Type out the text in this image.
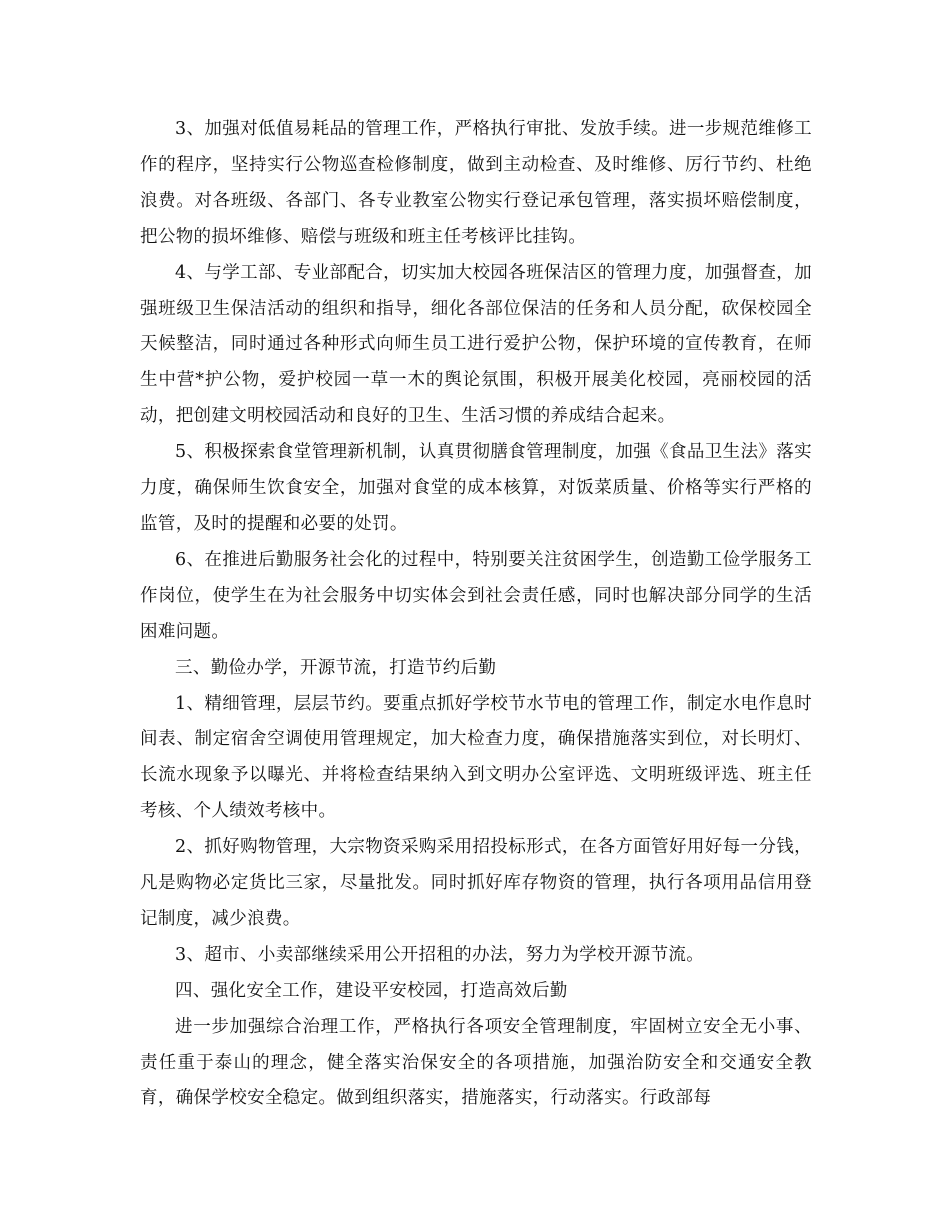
3、加强对低值易耗品的管理工作，严格执行审批、发放手续。进一步规范维修工作的程序，坚持实行公物巡查检修制度，做到主动检查、及时维修、厉行节约、杜绝浪费。对各班级、各部门、各专业教室公物实行登记承包管理，落实损坏赔偿制度，把公物的损坏维修、赔偿与班级和班主任考核评比挂钩。

4、与学工部、专业部配合，切实加大校园各班保洁区的管理力度，加强督查，加强班级卫生保洁活动的组织和指导，细化各部位保洁的任务和人员分配，砍保校园全天候整洁，同时通过各种形式向师生员工进行爱护公物，保护环境的宣传教育，在师生中营*护公物，爱护校园一草一木的舆论氛围，积极开展美化校园，亮丽校园的活动，把创建文明校园活动和良好的卫生、生活习惯的养成结合起来。

5、积极探索食堂管理新机制，认真贯彻膳食管理制度，加强《食品卫生法》落实力度，确保师生饮食安全，加强对食堂的成本核算，对饭菜质量、价格等实行严格的监管，及时的提醒和必要的处罚。

6、在推进后勤服务社会化的过程中，特别要关注贫困学生，创造勤工俭学服务工作岗位，使学生在为社会服务中切实体会到社会责任感，同时也解决部分同学的生活困难问题。

三、勤俭办学，开源节流，打造节约后勤

1、精细管理，层层节约。要重点抓好学校节水节电的管理工作，制定水电作息时间表、制定宿舍空调使用管理规定，加大检查力度，确保措施落实到位，对长明灯、长流水现象予以曝光、并将检查结果纳入到文明办公室评选、文明班级评选、班主任考核、个人绩效考核中。

2、抓好购物管理，大宗物资采购采用招投标形式，在各方面管好用好每一分钱，凡是购物必定货比三家，尽量批发。同时抓好库存物资的管理，执行各项用品信用登记制度，减少浪费。

3、超市、小卖部继续采用公开招租的办法，努力为学校开源节流。

四、强化安全工作，建设平安校园，打造高效后勤

进一步加强综合治理工作，严格执行各项安全管理制度，牢固树立安全无小事、责任重于泰山的理念，健全落实治保安全的各项措施，加强治防安全和交通安全教育，确保学校安全稳定。做到组织落实，措施落实，行动落实。行政部每
